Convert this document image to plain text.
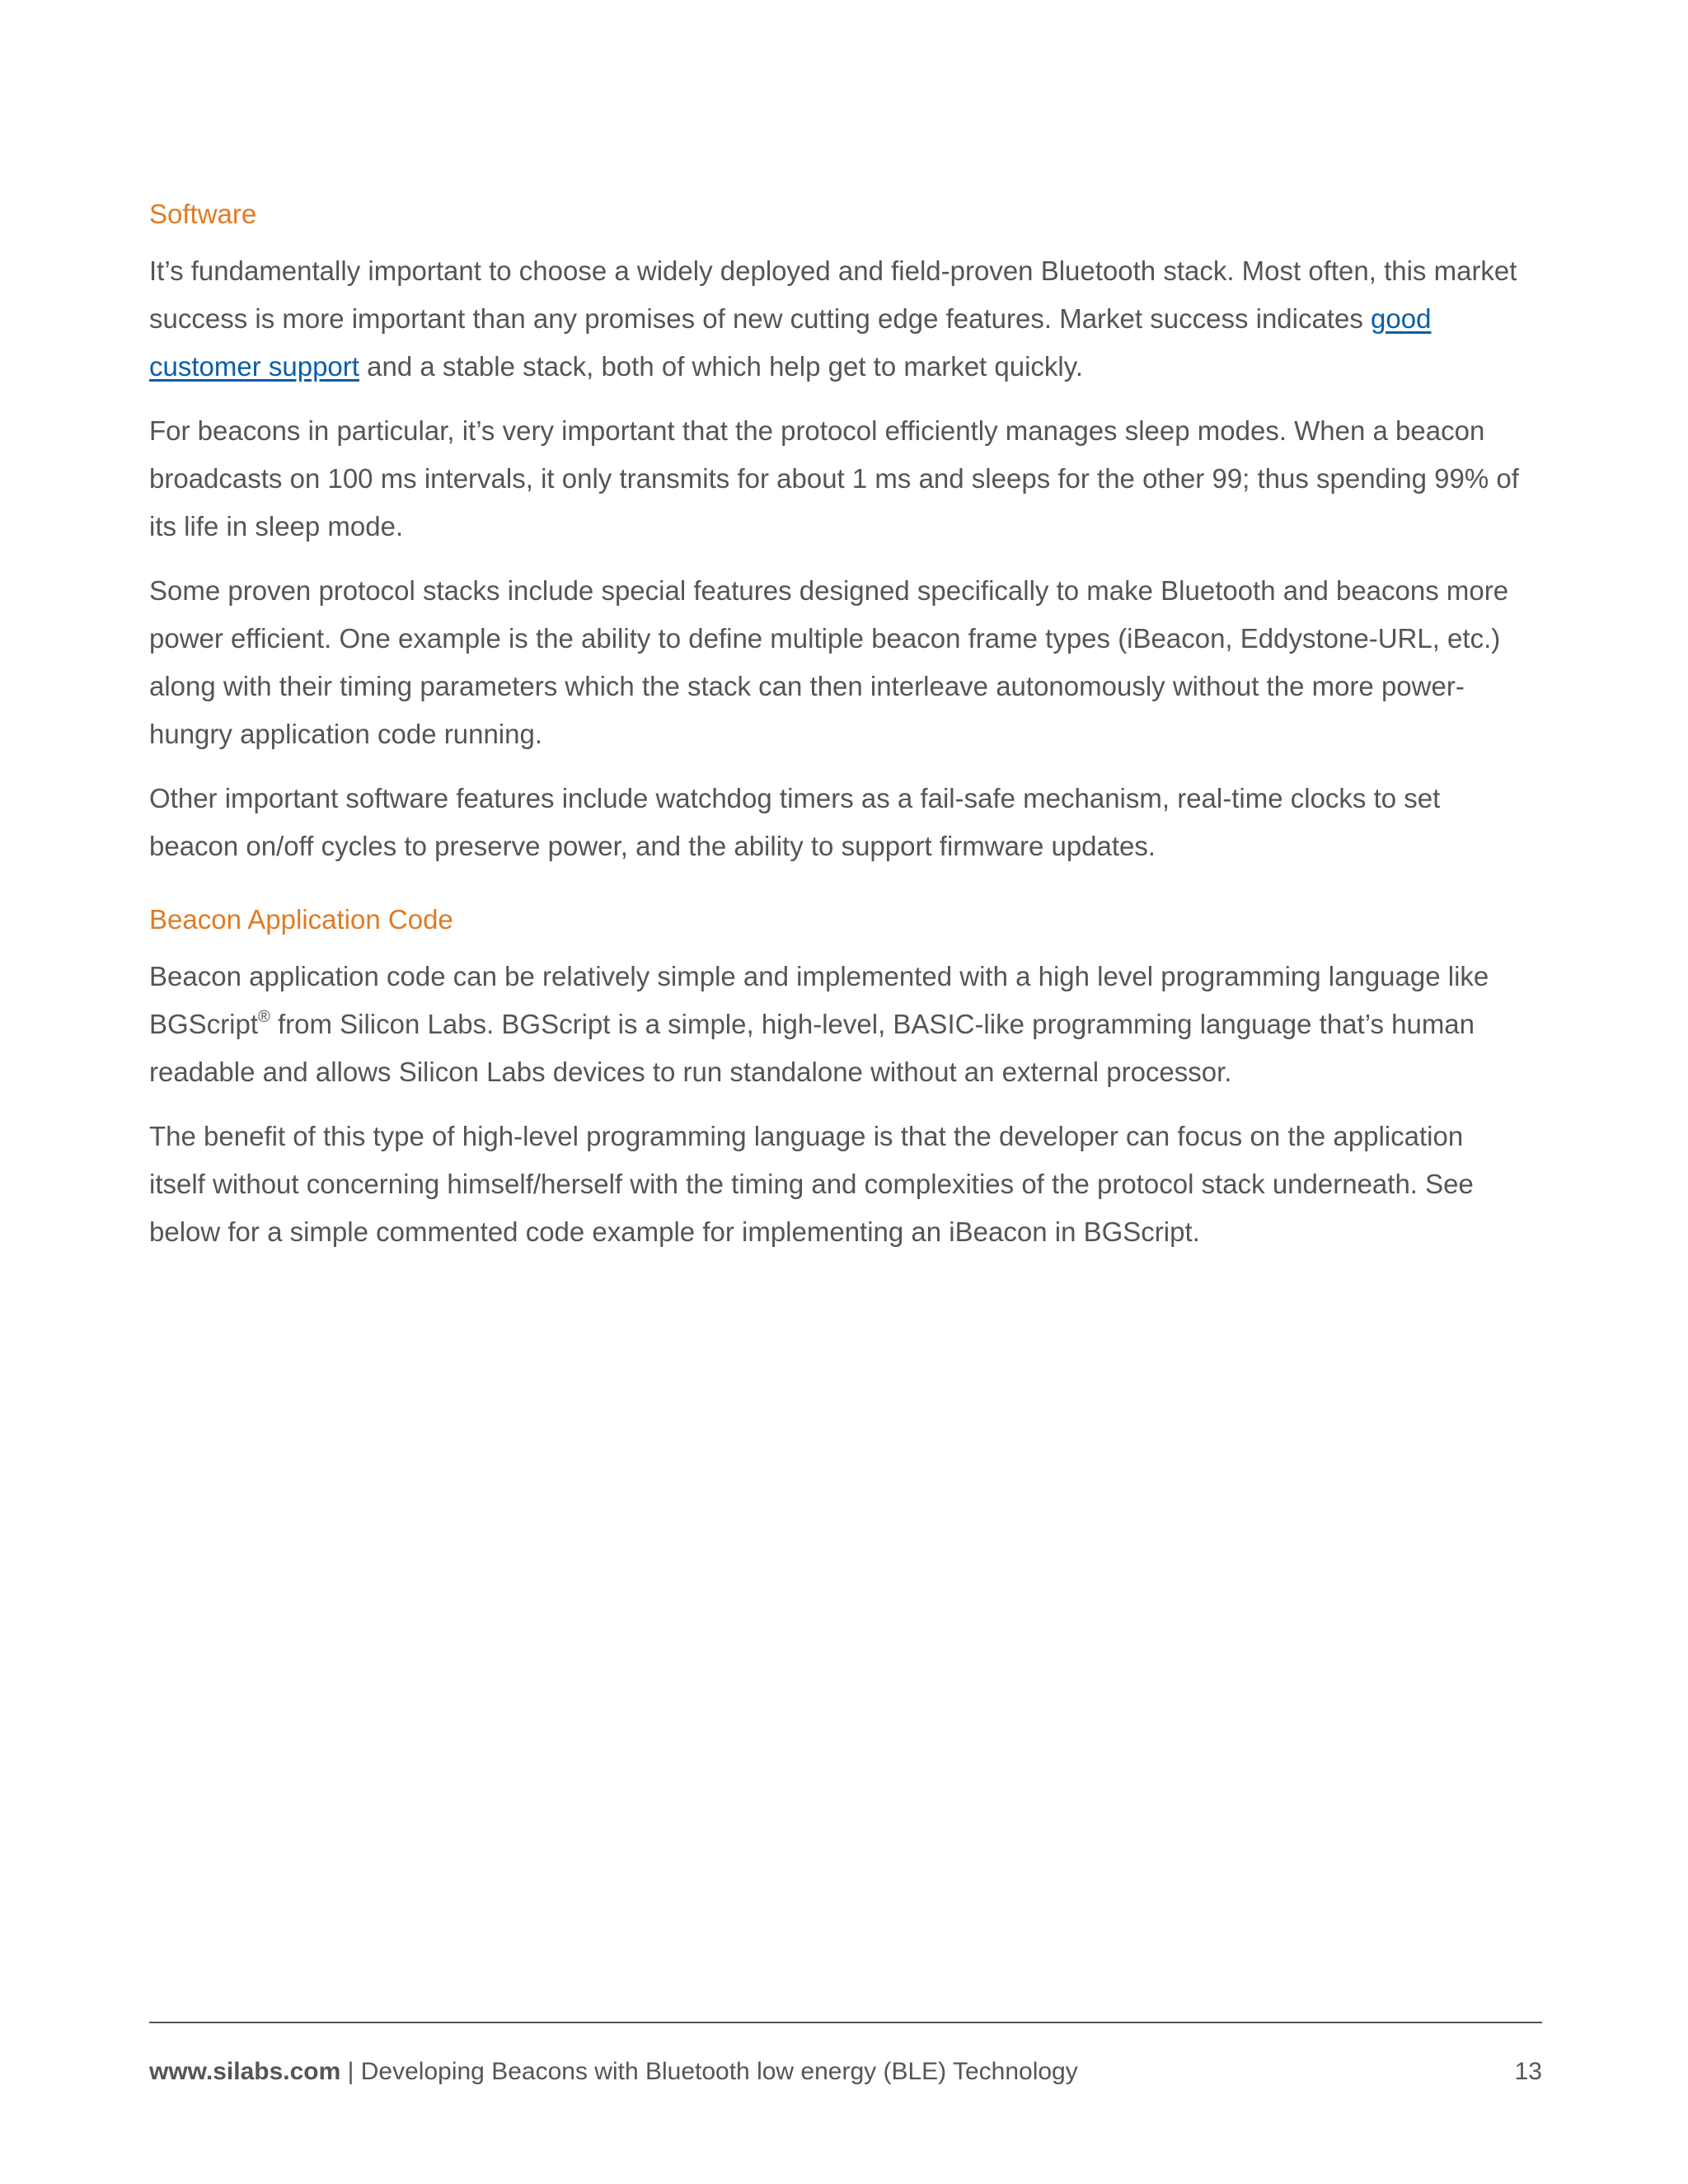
Software

It’s fundamentally important to choose a widely deployed and field-proven Bluetooth stack. Most often, this market
success is more important than any promises of new cutting edge features. Market success indicates good
customer support and a stable stack, both of which help get to market quickly.

For beacons in particular, it’s very important that the protocol efficiently manages sleep modes. When a beacon
broadcasts on 100 ms intervals, it only transmits for about 1 ms and sleeps for the other 99; thus spending 99% of
its life in sleep mode.

Some proven protocol stacks include special features designed specifically to make Bluetooth and beacons more
power efficient. One example is the ability to define multiple beacon frame types (iBeacon, Eddystone-URL, etc.)
along with their timing parameters which the stack can then interleave autonomously without the more power-
hungry application code running.

Other important software features include watchdog timers as a fail-safe mechanism, real-time clocks to set
beacon on/off cycles to preserve power, and the ability to support firmware updates.

Beacon Application Code

Beacon application code can be relatively simple and implemented with a high level programming language like
BGScript® from Silicon Labs. BGScript is a simple, high-level, BASIC-like programming language that’s human
readable and allows Silicon Labs devices to run standalone without an external processor.

The benefit of this type of high-level programming language is that the developer can focus on the application
itself without concerning himself/herself with the timing and complexities of the protocol stack underneath. See
below for a simple commented code example for implementing an iBeacon in BGScript.

www.silabs.com | Developing Beacons with Bluetooth low energy (BLE) Technology	13
